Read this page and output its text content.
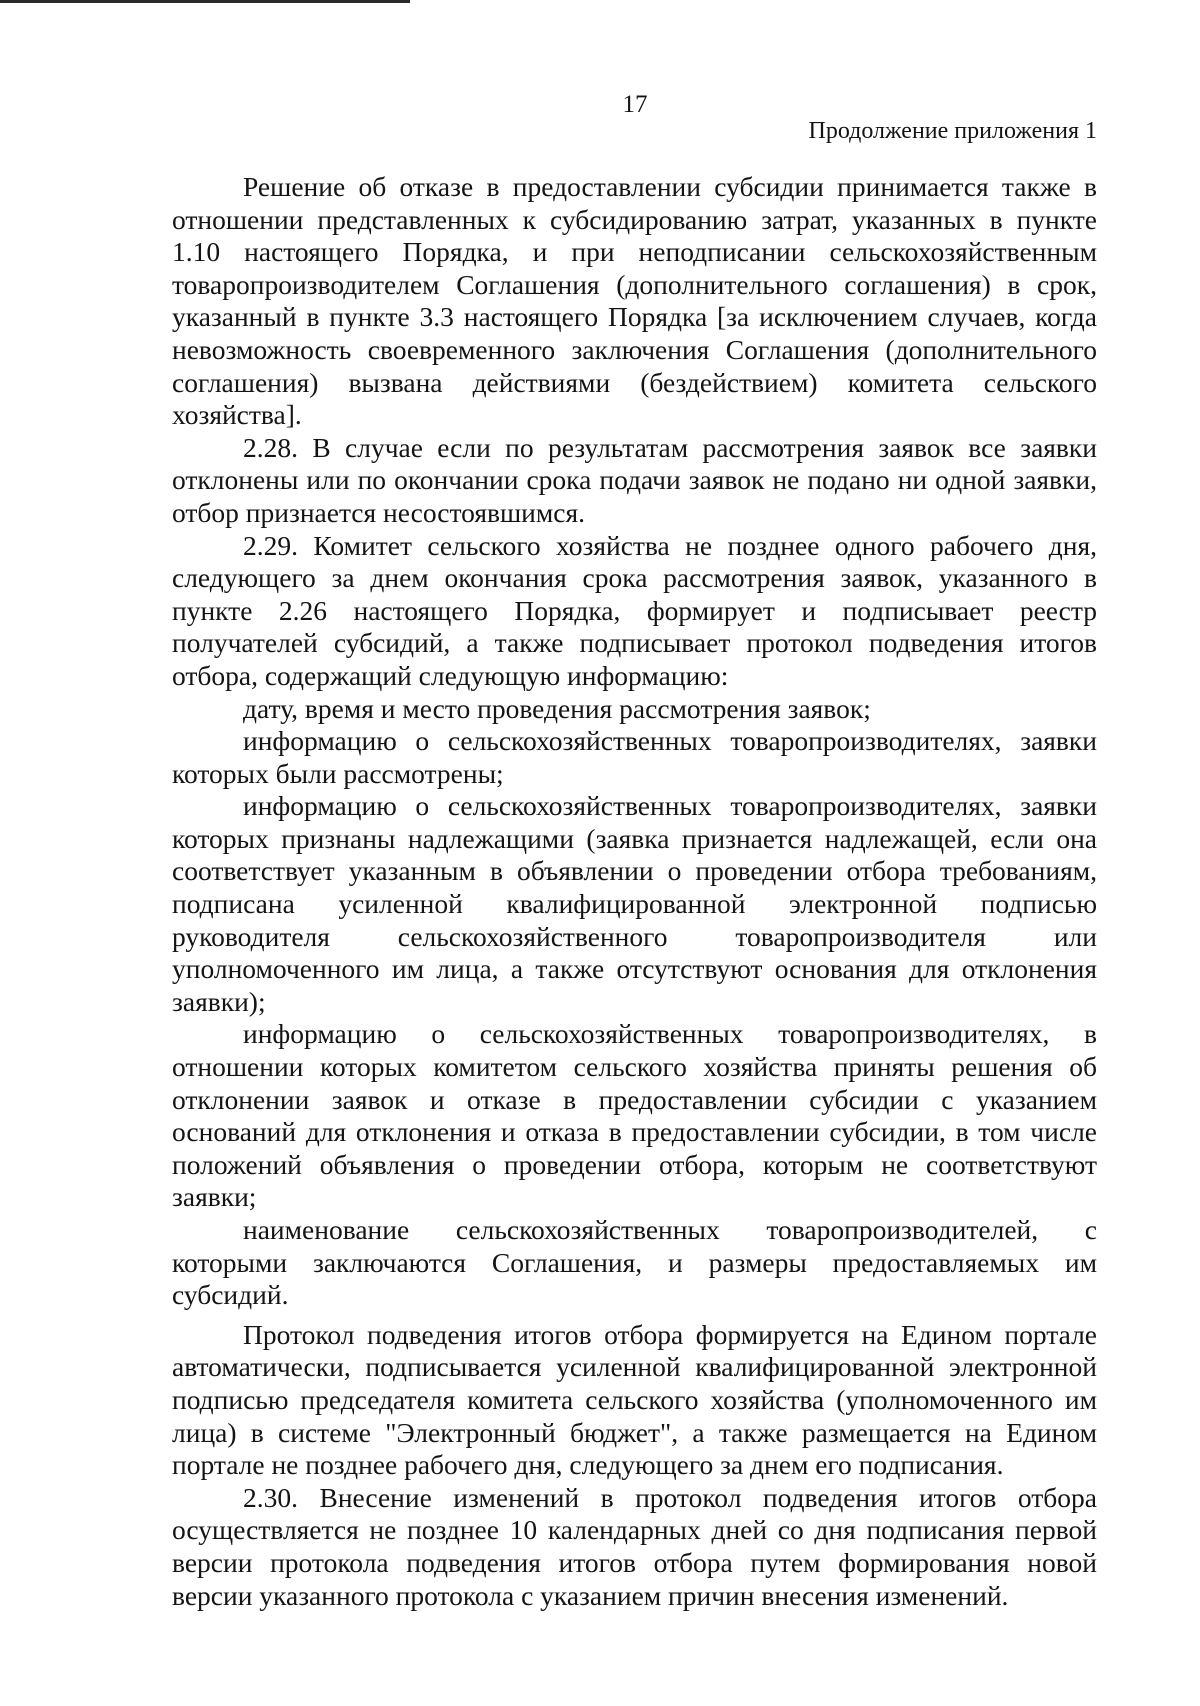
17
Продолжение приложения 1

Решение об отказе в предоставлении субсидии принимается также в отношении представленных к субсидированию затрат, указанных в пункте 1.10 настоящего Порядка, и при неподписании сельскохозяйственным товаропроизводителем Соглашения (дополнительного соглашения) в срок, указанный в пункте 3.3 настоящего Порядка [за исключением случаев, когда невозможность своевременного заключения Соглашения (дополнительного соглашения) вызвана действиями (бездействием) комитета сельского хозяйства].

2.28. В случае если по результатам рассмотрения заявок все заявки отклонены или по окончании срока подачи заявок не подано ни одной заявки, отбор признается несостоявшимся.

2.29. Комитет сельского хозяйства не позднее одного рабочего дня, следующего за днем окончания срока рассмотрения заявок, указанного в пункте 2.26 настоящего Порядка, формирует и подписывает реестр получателей субсидий, а также подписывает протокол подведения итогов отбора, содержащий следующую информацию:

дату, время и место проведения рассмотрения заявок;

информацию о сельскохозяйственных товаропроизводителях, заявки которых были рассмотрены;

информацию о сельскохозяйственных товаропроизводителях, заявки которых признаны надлежащими (заявка признается надлежащей, если она соответствует указанным в объявлении о проведении отбора требованиям, подписана усиленной квалифицированной электронной подписью руководителя сельскохозяйственного товаропроизводителя или уполномоченного им лица, а также отсутствуют основания для отклонения заявки);

информацию о сельскохозяйственных товаропроизводителях, в отношении которых комитетом сельского хозяйства приняты решения об отклонении заявок и отказе в предоставлении субсидии с указанием оснований для отклонения и отказа в предоставлении субсидии, в том числе положений объявления о проведении отбора, которым не соответствуют заявки;

наименование сельскохозяйственных товаропроизводителей, с которыми заключаются Соглашения, и размеры предоставляемых им субсидий.

Протокол подведения итогов отбора формируется на Едином портале автоматически, подписывается усиленной квалифицированной электронной подписью председателя комитета сельского хозяйства (уполномоченного им лица) в системе "Электронный бюджет", а также размещается на Едином портале не позднее рабочего дня, следующего за днем его подписания.

2.30. Внесение изменений в протокол подведения итогов отбора осуществляется не позднее 10 календарных дней со дня подписания первой версии протокола подведения итогов отбора путем формирования новой версии указанного протокола с указанием причин внесения изменений.
